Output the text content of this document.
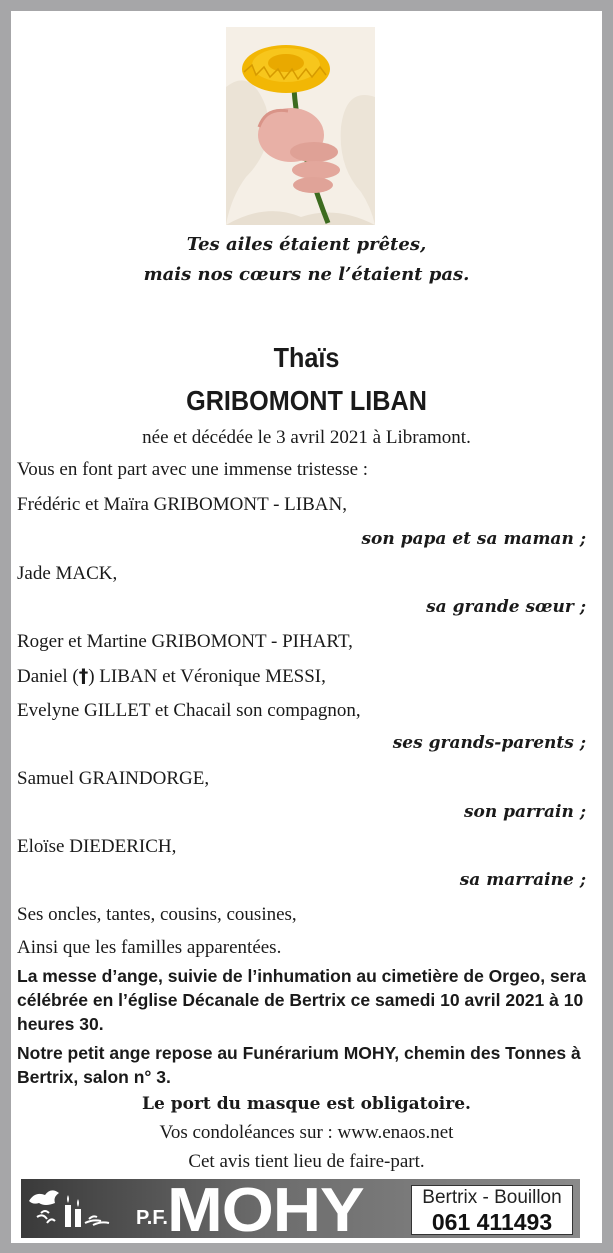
Tes ailes étaient prêtes,
mais nos cœurs ne l’étaient pas.
Thaïs
GRIBOMONT LIBAN
née et décédée le 3 avril 2021 à Libramont.
Vous en font part avec une immense tristesse :
Frédéric et Maïra GRIBOMONT - LIBAN,
son papa et sa maman ;
Jade MACK,
sa grande sœur ;
Roger et Martine GRIBOMONT - PIHART,
Daniel (†) LIBAN et Véronique MESSI,
Evelyne GILLET et Chacail son compagnon,
ses grands-parents ;
Samuel GRAINDORGE,
son parrain ;
Eloïse DIEDERICH,
sa marraine ;
Ses oncles, tantes, cousins, cousines,
Ainsi que les familles apparentées.
La messe d’ange, suivie de l’inhumation au cimetière de Orgeo, sera célébrée en l’église Décanale de Bertrix ce samedi 10 avril 2021 à 10 heures 30.
Notre petit ange repose au Funérarium MOHY, chemin des Tonnes à Bertrix, salon n° 3.
Le port du masque est obligatoire.
Vos condoléances sur : www.enaos.net
Cet avis tient lieu de faire-part.
P.F. MOHY	Bertrix - Bouillon
061 411493
